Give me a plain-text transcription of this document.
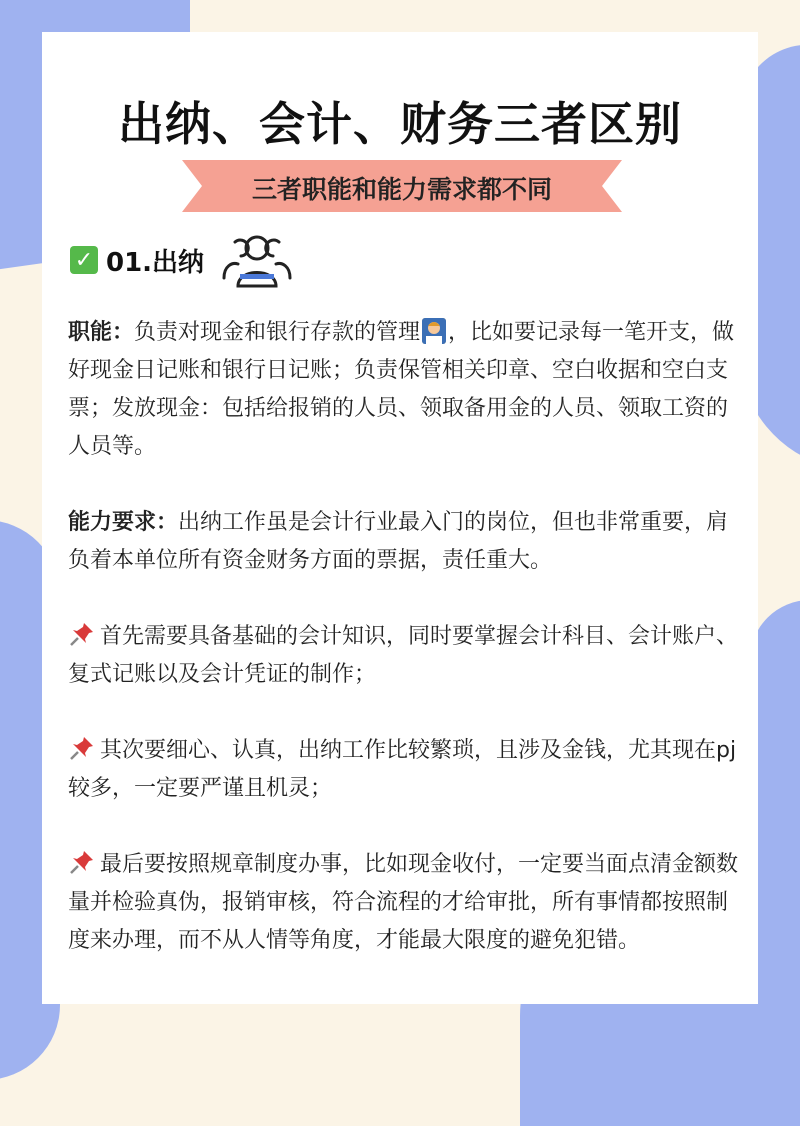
出纳、会计、财务三者区别
三者职能和能力需求都不同
✓ 01.出纳

职能：负责对现金和银行存款的管理 ，比如要记录每一笔开支，做好现金日记账和银行日记账；负责保管相关印章、空白收据和空白支票；发放现金：包括给报销的人员、领取备用金的人员、领取工资的人员等。

能力要求：出纳工作虽是会计行业最入门的岗位，但也非常重要，肩负着本单位所有资金财务方面的票据，责任重大。

首先需要具备基础的会计知识，同时要掌握会计科目、会计账户、复式记账以及会计凭证的制作；

其次要细心、认真，出纳工作比较繁琐，且涉及金钱，尤其现在pj较多，一定要严谨且机灵；

最后要按照规章制度办事，比如现金收付，一定要当面点清金额数量并检验真伪，报销审核，符合流程的才给审批，所有事情都按照制度来办理，而不从人情等角度，才能最大限度的避免犯错。
